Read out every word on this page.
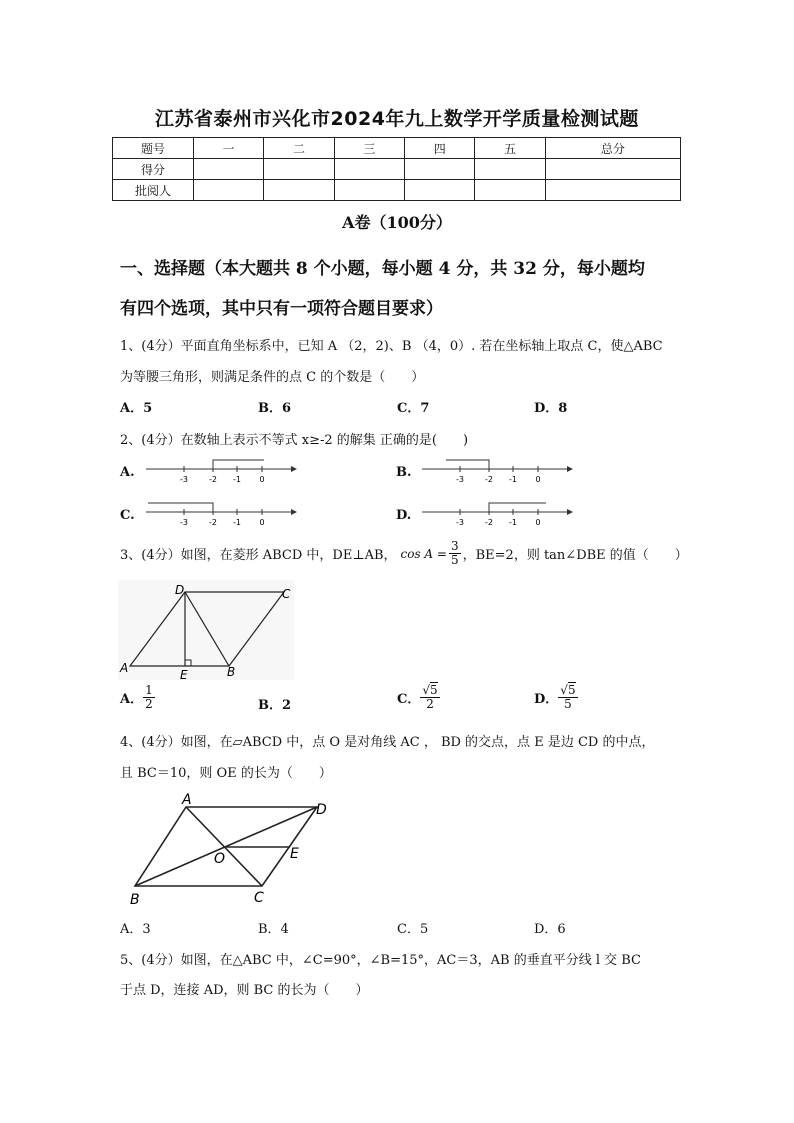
江苏省泰州市兴化市2024年九上数学开学质量检测试题
题号	一	二	三	四	五	总分
得分						
批阅人						
A卷（100分）
一、选择题（本大题共 8 个小题，每小题 4 分，共 32 分，每小题均
有四个选项，其中只有一项符合题目要求）
1、(4分）平面直角坐标系中，已知 A （2，2)、B （4，0）. 若在坐标轴上取点 C，使△ABC
为等腰三角形，则满足条件的点 C 的个数是（　　）
A．5	B．6	C．7	D．8
2、(4分）在数轴上表示不等式 x≥-2 的解集 正确的是(　　)
A.	-3	-2 -1 0	B.	-3	-2 -1 0
C.	-3	-2 -1 0	D.	-3	-2 -1 0
3、(4分）如图，在菱形 ABCD 中，DE⊥AB， $\cos A = \frac{3}{5}$ ，BE=2，则 tan∠DBE 的值（　　）
D	C
A	E	B
A． $\frac{1}{2}$	B．2	C． $\frac{√5}{2}$	D． $\frac{√5}{5}$
4、(4分）如图，在▱ABCD 中，点 O 是对角线 AC ， BD 的交点，点 E 是边 CD 的中点，
且 BC＝10，则 OE 的长为（　　）
A
D
O	E
B	C
A．3	B．4	C．5	D．6
5、(4分）如图，在△ABC 中，∠C=90°，∠B=15°，AC＝3，AB 的垂直平分线 l 交 BC
于点 D，连接 AD，则 BC 的长为（　　）
